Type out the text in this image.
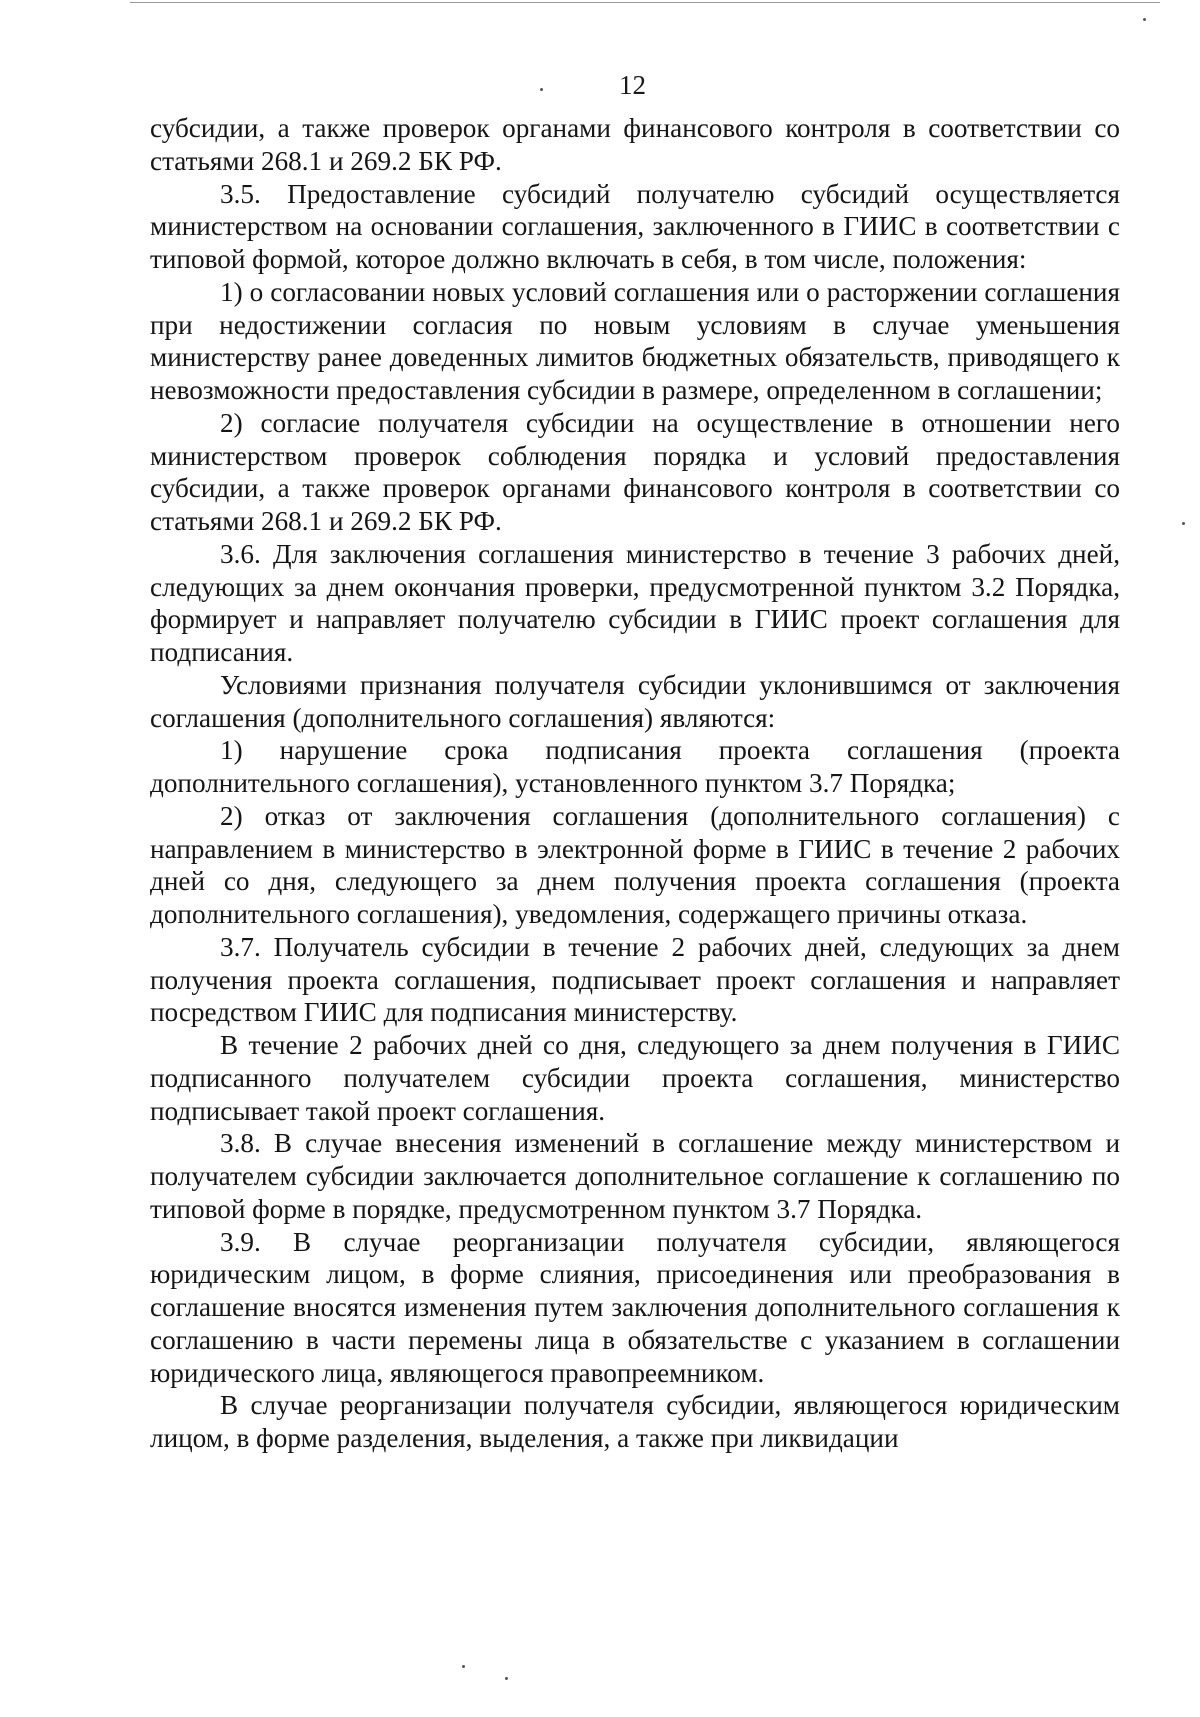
12

субсидии, а также проверок органами финансового контроля в соответствии со статьями 268.1 и 269.2 БК РФ.

3.5. Предоставление субсидий получателю субсидий осуществляется министерством на основании соглашения, заключенного в ГИИС в соответствии с типовой формой, которое должно включать в себя, в том числе, положения:

1) о согласовании новых условий соглашения или о расторжении соглашения при недостижении согласия по новым условиям в случае уменьшения министерству ранее доведенных лимитов бюджетных обязательств, приводящего к невозможности предоставления субсидии в размере, определенном в соглашении;

2) согласие получателя субсидии на осуществление в отношении него министерством проверок соблюдения порядка и условий предоставления субсидии, а также проверок органами финансового контроля в соответствии со статьями 268.1 и 269.2 БК РФ.

3.6. Для заключения соглашения министерство в течение 3 рабочих дней, следующих за днем окончания проверки, предусмотренной пунктом 3.2 Порядка, формирует и направляет получателю субсидии в ГИИС проект соглашения для подписания.

Условиями признания получателя субсидии уклонившимся от заключения соглашения (дополнительного соглашения) являются:

1) нарушение срока подписания проекта соглашения (проекта дополнительного соглашения), установленного пунктом 3.7 Порядка;

2) отказ от заключения соглашения (дополнительного соглашения) с направлением в министерство в электронной форме в ГИИС в течение 2 рабочих дней со дня, следующего за днем получения проекта соглашения (проекта дополнительного соглашения), уведомления, содержащего причины отказа.

3.7. Получатель субсидии в течение 2 рабочих дней, следующих за днем получения проекта соглашения, подписывает проект соглашения и направляет посредством ГИИС для подписания министерству.

В течение 2 рабочих дней со дня, следующего за днем получения в ГИИС подписанного получателем субсидии проекта соглашения, министерство подписывает такой проект соглашения.

3.8. В случае внесения изменений в соглашение между министерством и получателем субсидии заключается дополнительное соглашение к соглашению по типовой форме в порядке, предусмотренном пунктом 3.7 Порядка.

3.9. В случае реорганизации получателя субсидии, являющегося юридическим лицом, в форме слияния, присоединения или преобразования в соглашение вносятся изменения путем заключения дополнительного соглашения к соглашению в части перемены лица в обязательстве с указанием в соглашении юридического лица, являющегося правопреемником.

В случае реорганизации получателя субсидии, являющегося юридическим лицом, в форме разделения, выделения, а также при ликвидации
